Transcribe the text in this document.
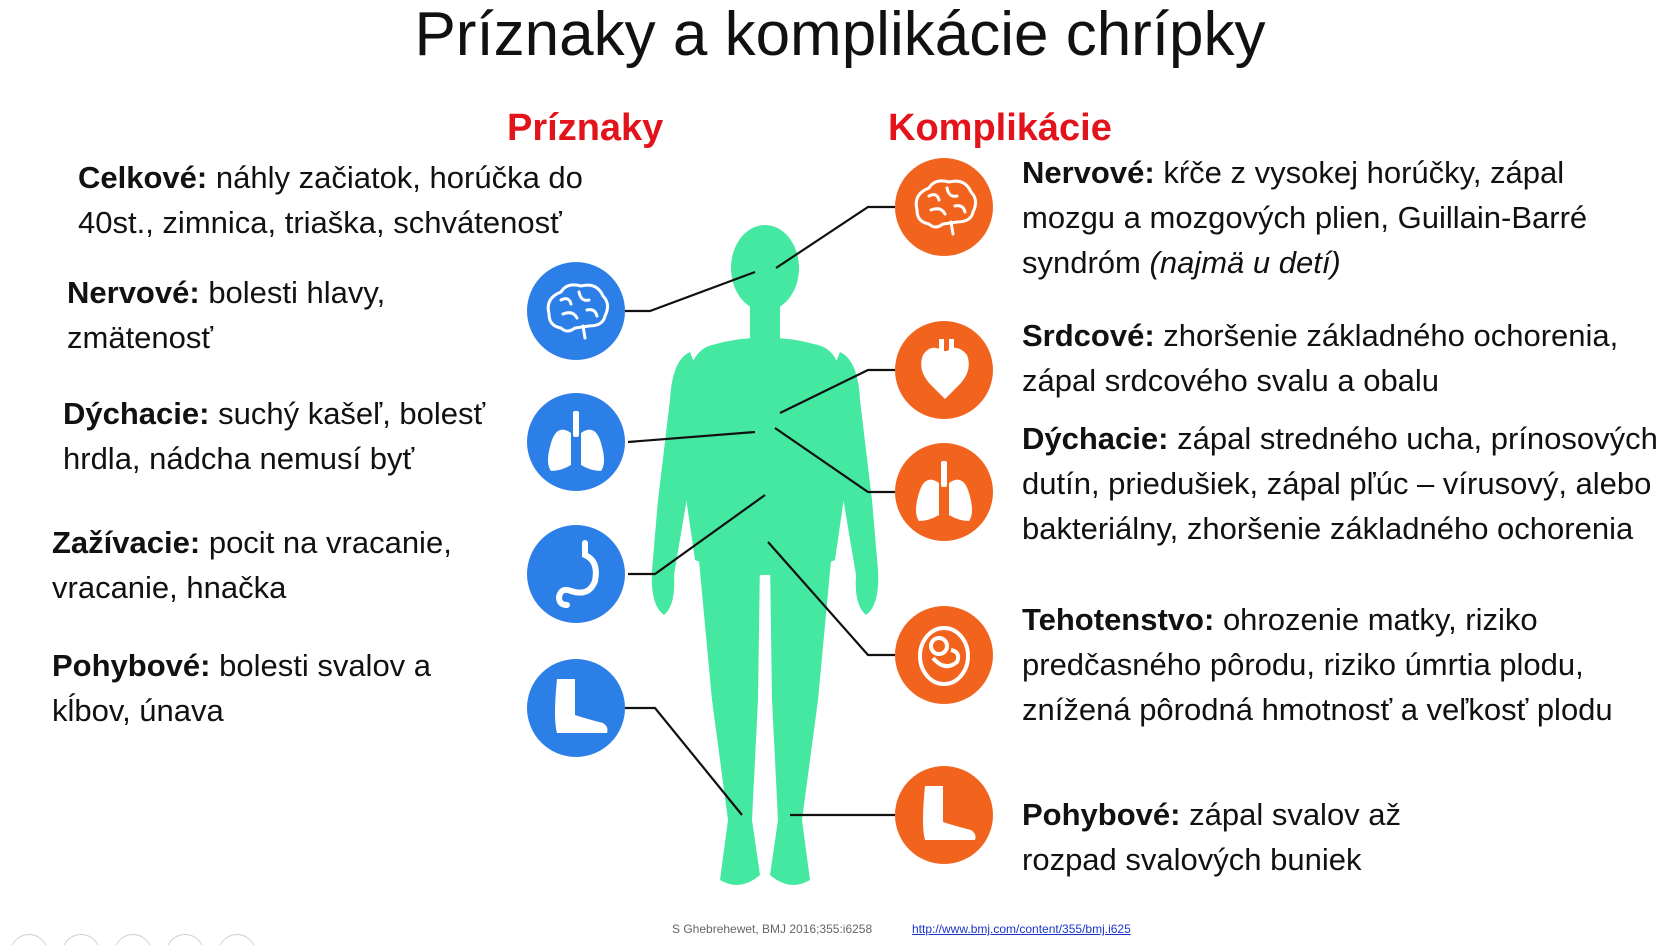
Príznaky a komplikácie chrípky
Príznaky	Komplikácie
Celkové: náhly začiatok, horúčka do 40st., zimnica, triaška, schvátenosť
Nervové: bolesti hlavy, zmätenosť
Dýchacie: suchý kašeľ, bolesť hrdla, nádcha nemusí byť
Zažívacie: pocit na vracanie, vracanie, hnačka
Pohybové: bolesti svalov a kĺbov, únava
Nervové: kŕče z vysokej horúčky, zápal mozgu a mozgových plien, Guillain-Barré syndróm (najmä u detí)
Srdcové: zhoršenie základného ochorenia, zápal srdcového svalu a obalu
Dýchacie: zápal stredného ucha, prínosových dutín, priedušiek, zápal pľúc – vírusový, alebo bakteriálny, zhoršenie základného ochorenia
Tehotenstvo: ohrozenie matky, riziko predčasného pôrodu, riziko úmrtia plodu, znížená pôrodná hmotnosť a veľkosť plodu
Pohybové: zápal svalov až rozpad svalových buniek
S Ghebrehewet, BMJ 2016;355:i6258	http://www.bmj.com/content/355/bmj.i625
